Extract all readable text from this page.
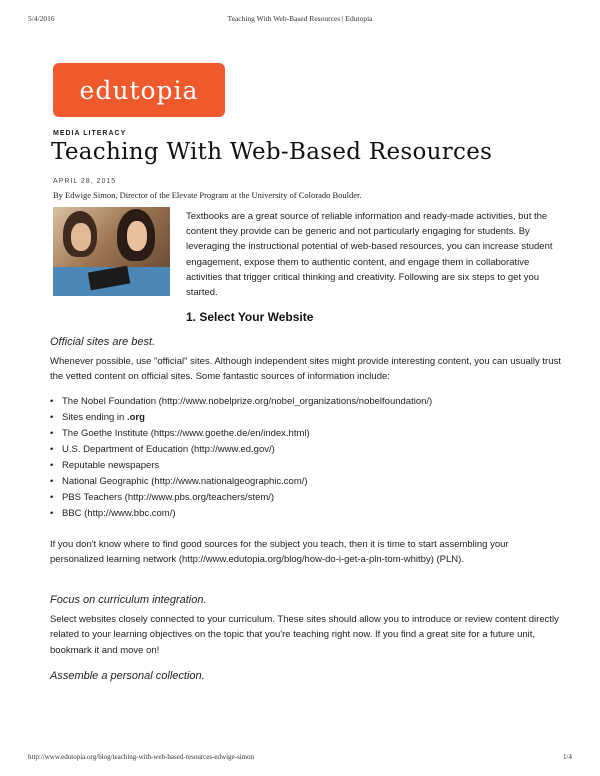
5/4/2016	Teaching With Web-Based Resources | Edutopia
edutopia
MEDIA LITERACY
Teaching With Web-Based Resources
APRIL 28, 2015
By Edwige Simon, Director of the Elevate Program at the University of Colorado Boulder.

Textbooks are a great source of reliable information and ready-made activities, but the content they provide can be generic and not particularly engaging for students. By leveraging the instructional potential of web-based resources, you can increase student engagement, expose them to authentic content, and engage them in collaborative activities that trigger critical thinking and creativity. Following are six steps to get you started.

1. Select Your Website

Official sites are best.

Whenever possible, use "official" sites. Although independent sites might provide interesting content, you can usually trust the vetted content on official sites. Some fantastic sources of information include:

• The Nobel Foundation (http://www.nobelprize.org/nobel_organizations/nobelfoundation/)
• Sites ending in .org
• The Goethe Institute (https://www.goethe.de/en/index.html)
• U.S. Department of Education (http://www.ed.gov/)
• Reputable newspapers
• National Geographic (http://www.nationalgeographic.com/)
• PBS Teachers (http://www.pbs.org/teachers/stem/)
• BBC (http://www.bbc.com/)

If you don't know where to find good sources for the subject you teach, then it is time to start assembling your personalized learning network (http://www.edutopia.org/blog/how-do-i-get-a-pln-tom-whitby) (PLN).

Focus on curriculum integration.

Select websites closely connected to your curriculum. These sites should allow you to introduce or review content directly related to your learning objectives on the topic that you're teaching right now. If you find a great site for a future unit, bookmark it and move on!

Assemble a personal collection.

http://www.edutopia.org/blog/teaching-with-web-based-resources-edwige-simon	1/4
